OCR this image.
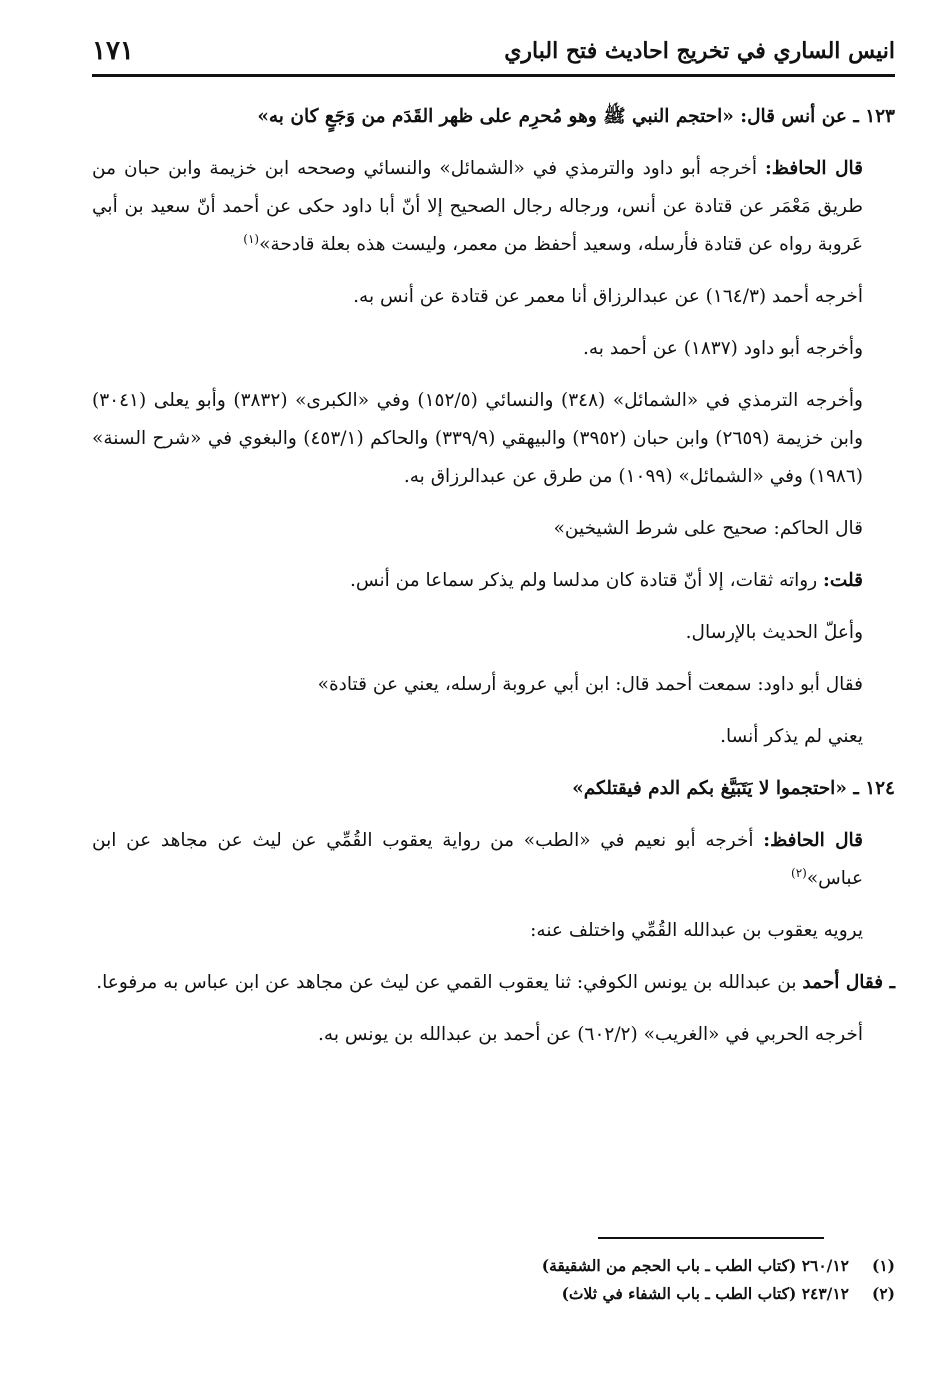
انيس الساري في تخريج احاديث فتح الباري
١٧١

١٢٣ ـ عن أنس قال: «احتجم النبي ﷺ وهو مُحرِم على ظهر القَدَم من وَجَعٍ كان به»

قال الحافظ: أخرجه أبو داود والترمذي في «الشمائل» والنسائي وصححه ابن خزيمة وابن حبان من طريق مَعْمَر عن قتادة عن أنس، ورجاله رجال الصحيح إلا أنّ أبا داود حكى عن أحمد أنّ سعيد بن أبي عَروبة رواه عن قتادة فأرسله، وسعيد أحفظ من معمر، وليست هذه بعلة قادحة»$^{(١)}$

أخرجه أحمد (١٦٤/٣) عن عبدالرزاق أنا معمر عن قتادة عن أنس به.

وأخرجه أبو داود (١٨٣٧) عن أحمد به.

وأخرجه الترمذي في «الشمائل» (٣٤٨) والنسائي (١٥٢/٥) وفي «الكبرى» (٣٨٣٢) وأبو يعلى (٣٠٤١) وابن خزيمة (٢٦٥٩) وابن حبان (٣٩٥٢) والبيهقي (٣٣٩/٩) والحاكم (٤٥٣/١) والبغوي في «شرح السنة» (١٩٨٦) وفي «الشمائل» (١٠٩٩) من طرق عن عبدالرزاق به.

قال الحاكم: صحيح على شرط الشيخين»

قلت: رواته ثقات، إلا أنّ قتادة كان مدلسا ولم يذكر سماعا من أنس.

وأعلّ الحديث بالإرسال.

فقال أبو داود: سمعت أحمد قال: ابن أبي عروبة أرسله، يعني عن قتادة»

يعني لم يذكر أنسا.

١٢٤ ـ «احتجموا لا يَتَبَيَّغ بكم الدم فيقتلكم»

قال الحافظ: أخرجه أبو نعيم في «الطب» من رواية يعقوب القُمِّي عن ليث عن مجاهد عن ابن عباس»$^{(٢)}$

يرويه يعقوب بن عبدالله القُمِّي واختلف عنه:

ـ فقال أحمد بن عبدالله بن يونس الكوفي: ثنا يعقوب القمي عن ليث عن مجاهد عن ابن عباس به مرفوعا.

أخرجه الحربي في «الغريب» (٦٠٢/٢) عن أحمد بن عبدالله بن يونس به.

(١)٢٦٠/١٢ (كتاب الطب ـ باب الحجم من الشقيقة)

(٢)٢٤٣/١٢ (كتاب الطب ـ باب الشفاء في ثلاث)
